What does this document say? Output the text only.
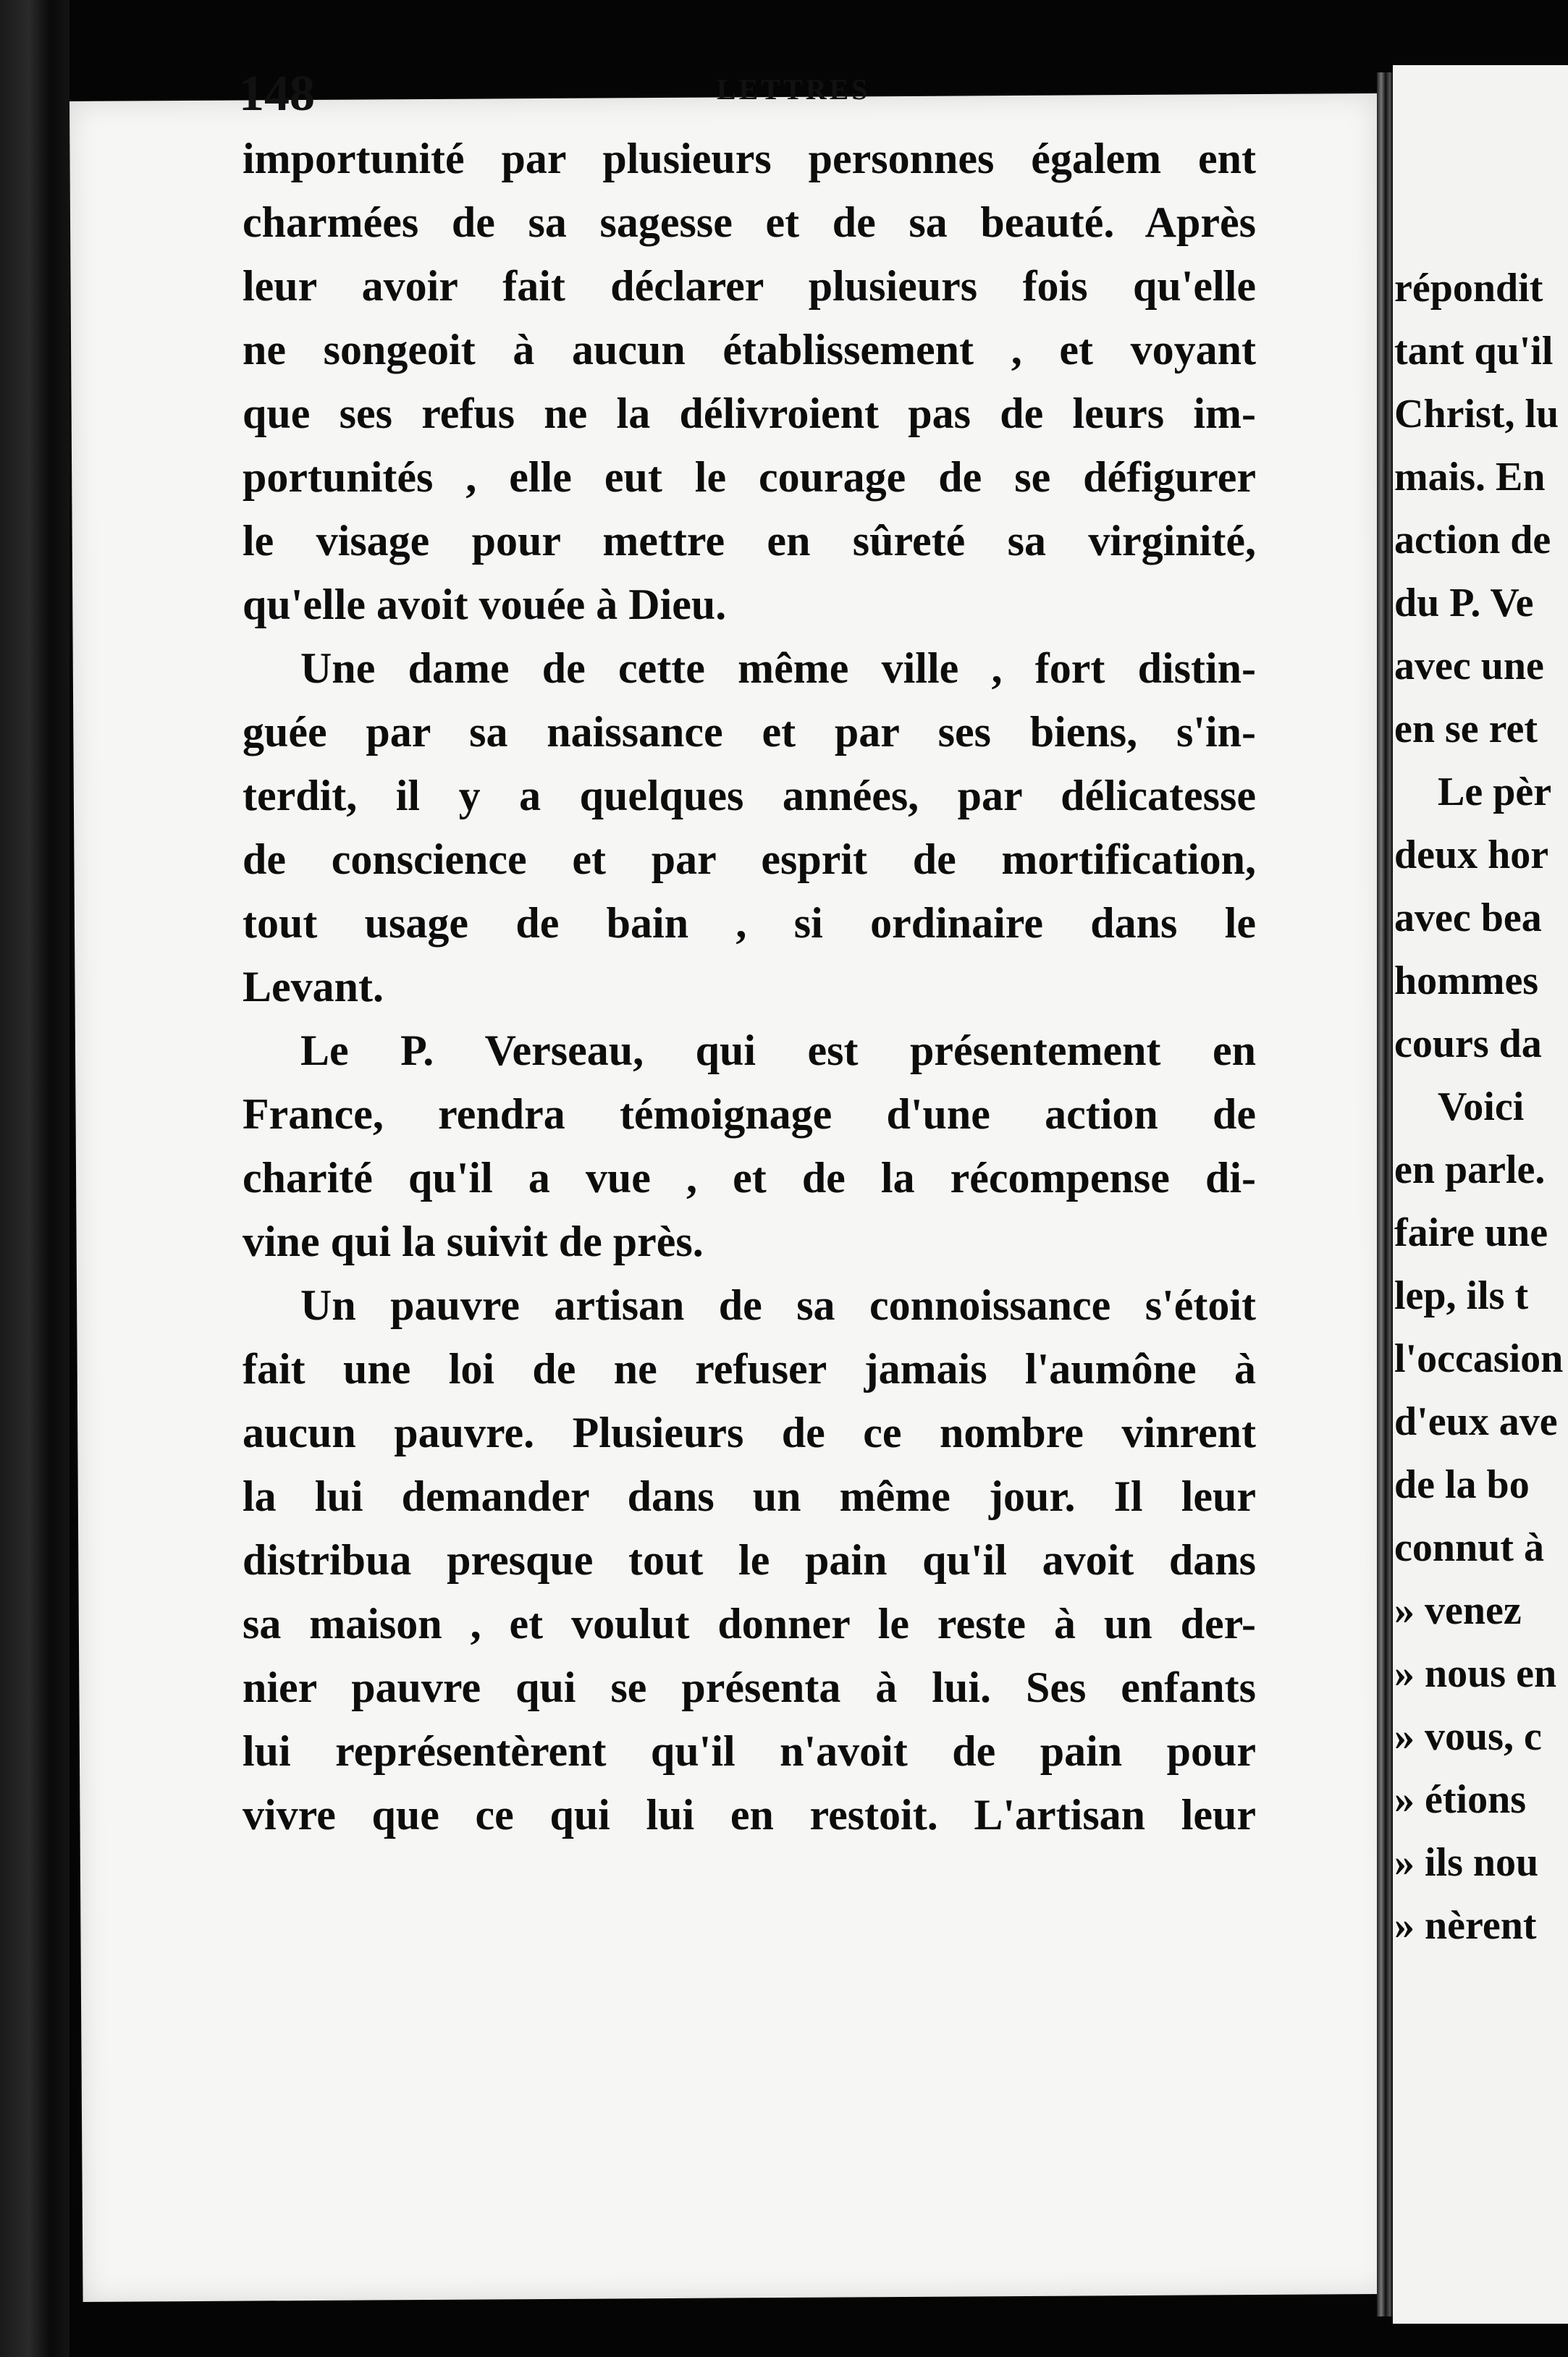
148	LETTRES
importunité par plusieurs personnes égalem ent
charmées de sa sagesse et de sa beauté. Après
leur avoir fait déclarer plusieurs fois qu'elle
ne songeoit à aucun établissement , et voyant
que ses refus ne la délivroient pas de leurs im-
portunités , elle eut le courage de se défigurer
le visage pour mettre en sûreté sa virginité,
qu'elle avoit vouée à Dieu.
Une dame de cette même ville , fort distin-
guée par sa naissance et par ses biens, s'in-
terdit, il y a quelques années, par délicatesse
de conscience et par esprit de mortification,
tout usage de bain , si ordinaire dans le
Levant.
Le P. Verseau, qui est présentement en
France, rendra témoignage d'une action de
charité qu'il a vue , et de la récompense di-
vine qui la suivit de près.
Un pauvre artisan de sa connoissance s'étoit
fait une loi de ne refuser jamais l'aumône à
aucun pauvre. Plusieurs de ce nombre vinrent
la lui demander dans un même jour. Il leur
distribua presque tout le pain qu'il avoit dans
sa maison , et voulut donner le reste à un der-
nier pauvre qui se présenta à lui. Ses enfants
lui représentèrent qu'il n'avoit de pain pour
vivre que ce qui lui en restoit. L'artisan leur
répondit
tant qu'il
Christ, lu
mais. En
action de
du P. Ve
avec une
en se ret
Le pèr
deux hor
avec bea
hommes
cours da
Voici
en parle.
faire une
lep, ils t
l'occasion
d'eux ave
de la bo
connut à
» venez
» nous en
» vous, c
» étions
» ils nou
» nèrent
